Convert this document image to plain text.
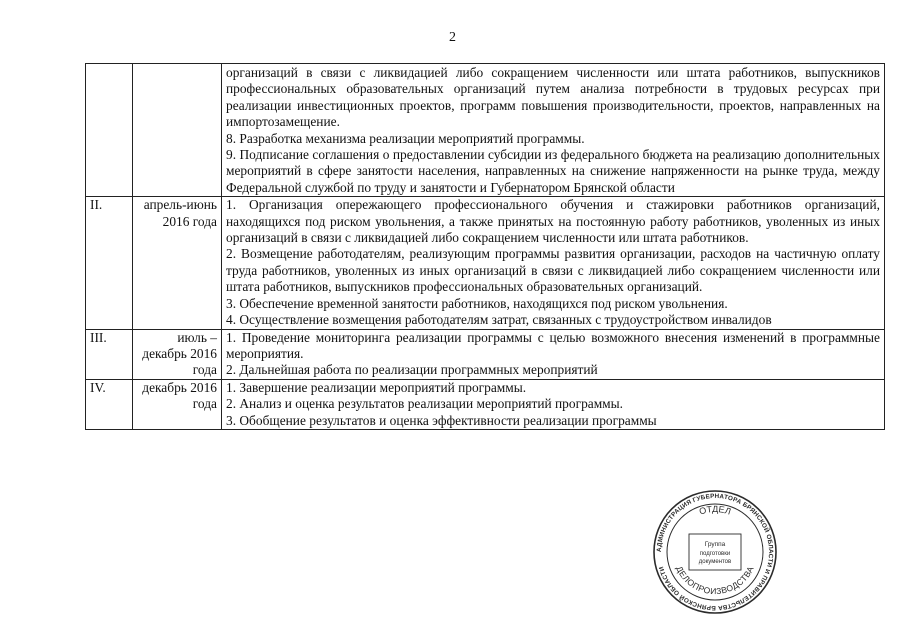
2

		организаций в связи с ликвидацией либо сокращением численности или штата работников, выпускников профессиональных образовательных организаций путем анализа потребности в трудовых ресурсах при реализации инвестиционных проектов, программ повышения производительности, проектов, направленных на импортозамещение.

8. Разработка механизма реализации мероприятий программы.

9. Подписание соглашения о предоставлении субсидии из федерального бюджета на реализацию дополнительных мероприятий в сфере занятости населения, направленных на снижение напряженности на рынке труда, между Федеральной службой по труду и занятости и Губернатором Брянской области

II.	апрель-июнь 2016 года	1. Организация опережающего профессионального обучения и стажировки работников организаций, находящихся под риском увольнения, а также принятых на постоянную работу работников, уволенных из иных организаций в связи с ликвидацией либо сокращением численности или штата работников.

2. Возмещение работодателям, реализующим программы развития организации, расходов на частичную оплату труда работников, уволенных из иных организаций в связи с ликвидацией либо сокращением численности или штата работников, выпускников профессиональных образовательных организаций.

3. Обеспечение временной занятости работников, находящихся под риском увольнения.

4. Осуществление возмещения работодателям затрат, связанных с трудоустройством инвалидов

III.	июль – декабрь 2016 года	1. Проведение мониторинга реализации программы с целью возможного внесения изменений в программные мероприятия.

2. Дальнейшая работа по реализации программных мероприятий

IV.	декабрь 2016 года	1. Завершение реализации мероприятий программы.

2. Анализ и оценка результатов реализации мероприятий программы.

3. Обобщение результатов и оценка эффективности реализации программы

АДМИНИСТРАЦИЯ ГУБЕРНАТОРА БРЯНСКОЙ ОБЛАСТИ И ПРАВИТЕЛЬСТВА БРЯНСКОЙ ОБЛАСТИ
ОТДЕЛ
ДЕЛОПРОИЗВОДСТВА
Группа
подготовки
документов
